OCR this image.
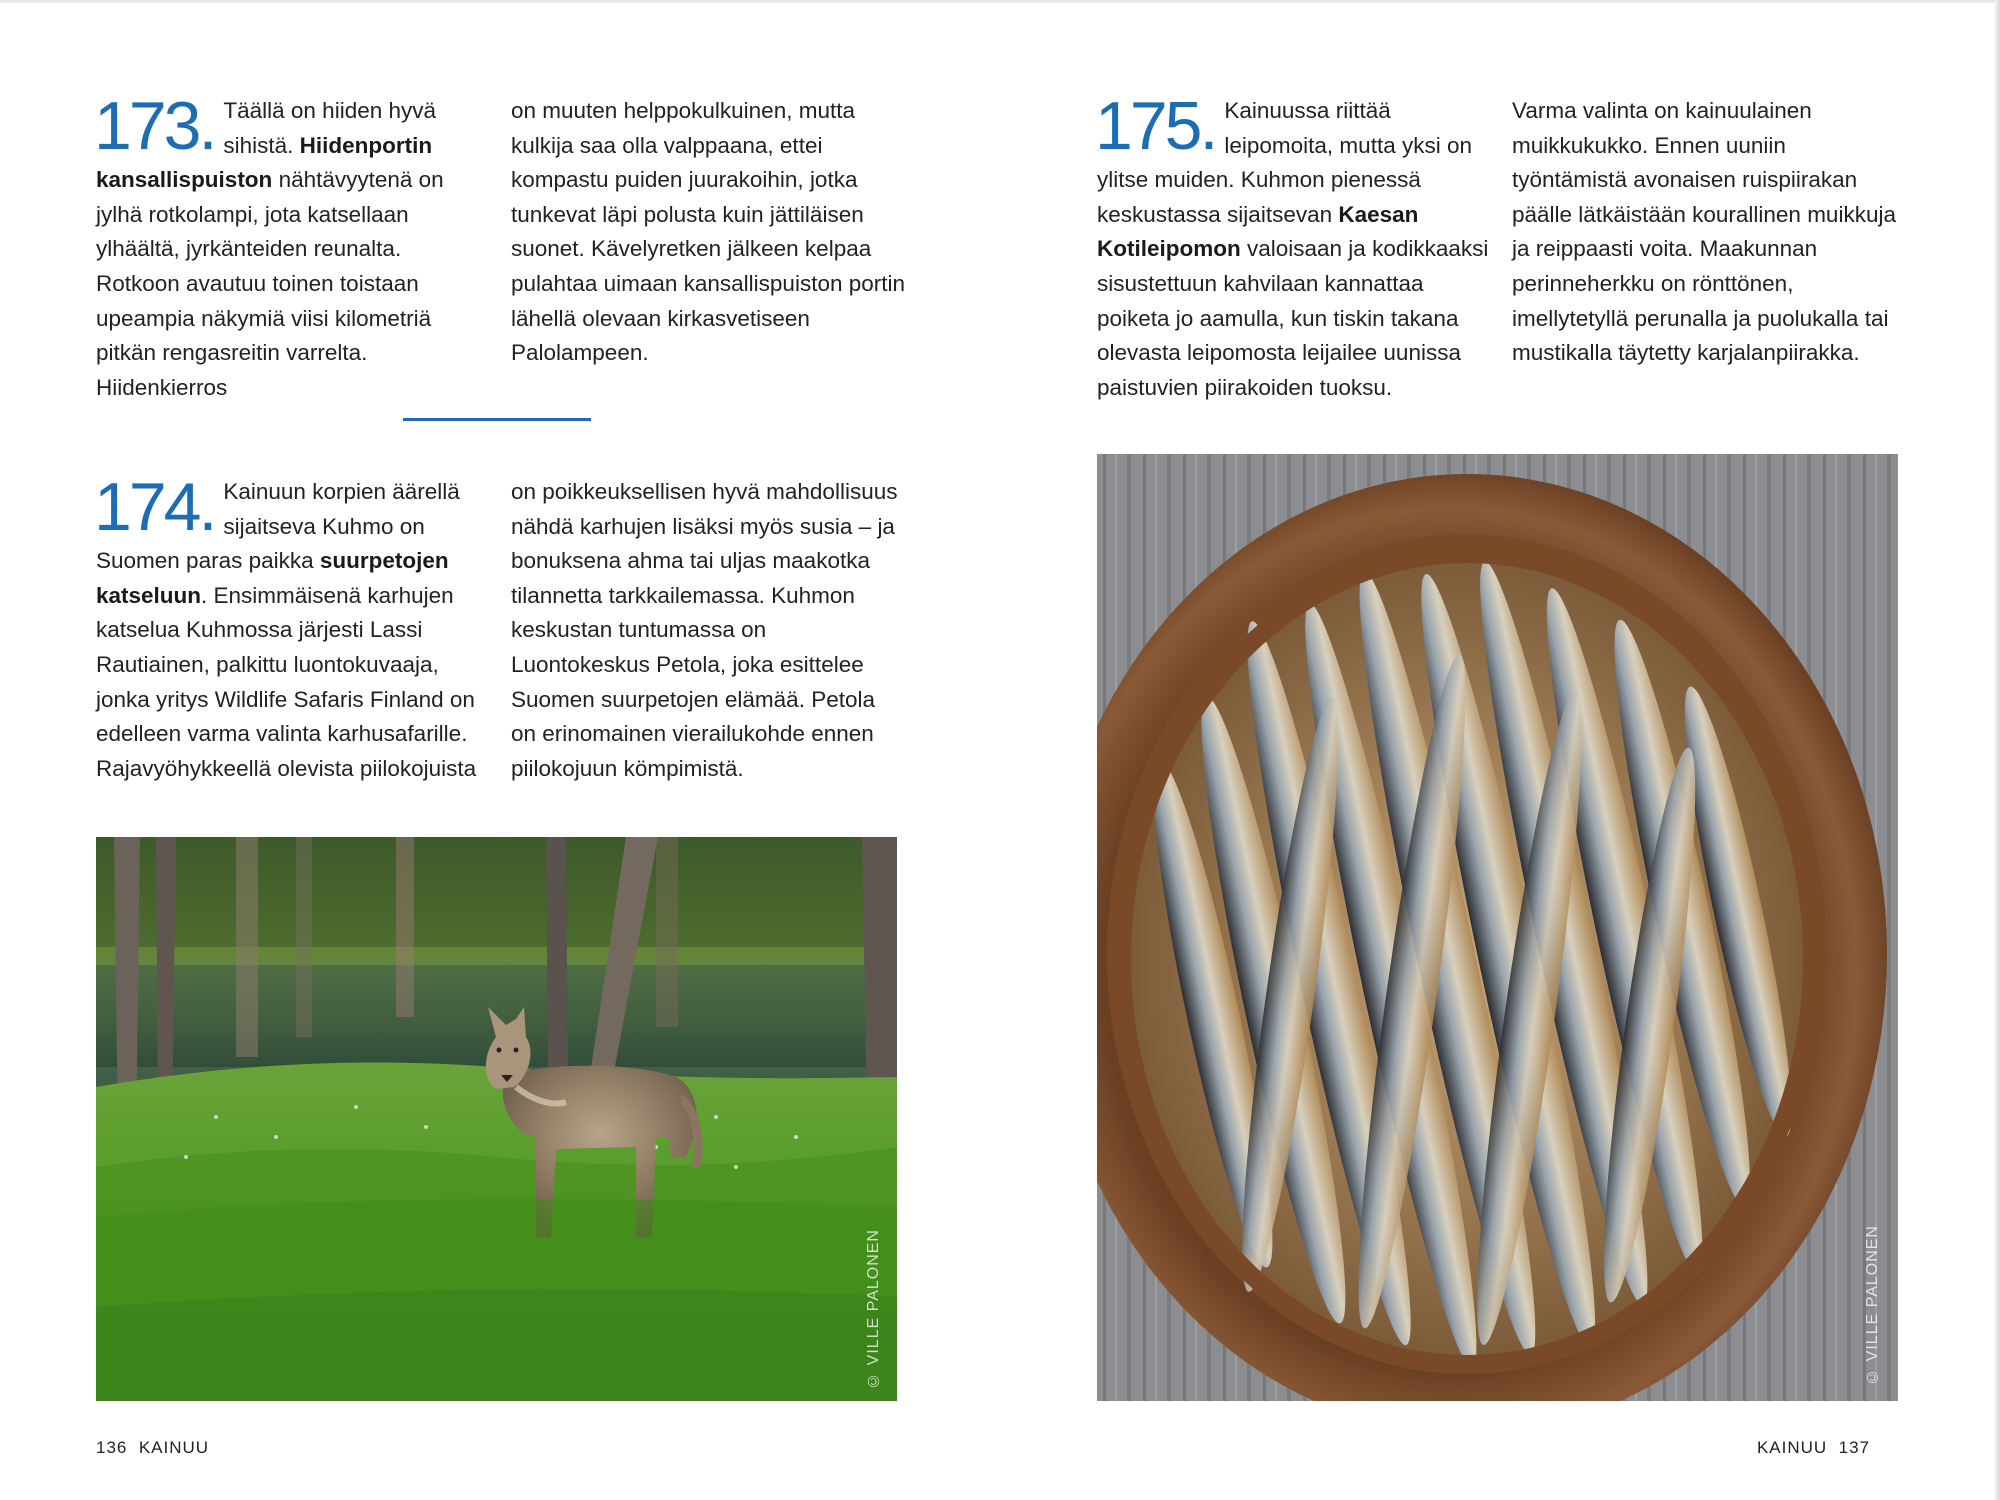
173. Täällä on hiiden hyvä sihistä. Hiidenportin kansallispuiston nähtävyytenä on jylhä rotkolampi, jota katsellaan ylhäältä, jyrkänteiden reunalta. Rotkoon avautuu toinen toistaan upeampia näkymiä viisi kilometriä pitkän rengasreitin varrelta. Hiidenkierros

on muuten helppokulkuinen, mutta kulkija saa olla valppaana, ettei kompastu puiden juurakoihin, jotka tunkevat läpi polusta kuin jättiläisen suonet. Kävelyretken jälkeen kelpaa pulahtaa uimaan kansallispuiston portin lähellä olevaan kirkasvetiseen Palolampeen.

174. Kainuun korpien äärellä sijaitseva Kuhmo on Suomen paras paikka suurpetojen katseluun. Ensimmäisenä karhujen katselua Kuhmossa järjesti Lassi Rautiainen, palkittu luontokuvaaja, jonka yritys Wildlife Safaris Finland on edelleen varma valinta karhusafarille. Rajavyöhykkeellä olevista piilokojuista

on poikkeuksellisen hyvä mahdollisuus nähdä karhujen lisäksi myös susia – ja bonuksena ahma tai uljas maakotka tilannetta tarkkailemassa. Kuhmon keskustan tuntumassa on Luontokeskus Petola, joka esittelee Suomen suurpetojen elämää. Petola on erinomainen vierailukohde ennen piilokojuun kömpimistä.

© VILLE PALONEN
136 KAINUU
175. Kainuussa riittää leipomoita, mutta yksi on ylitse muiden. Kuhmon pienessä keskustassa sijaitsevan Kaesan Kotileipomon valoisaan ja kodikkaaksi sisustettuun kahvilaan kannattaa poiketa jo aamulla, kun tiskin takana olevasta leipomosta leijailee uunissa paistuvien piirakoiden tuoksu.

Varma valinta on kainuulainen muikkukukko. Ennen uuniin työntämistä avonaisen ruispiirakan päälle lätkäistään kourallinen muikkuja ja reippaasti voita. Maakunnan perinneherkku on rönttönen, imellytetyllä perunalla ja puolukalla tai mustikalla täytetty karjalanpiirakka.

© VILLE PALONEN
KAINUU 137
